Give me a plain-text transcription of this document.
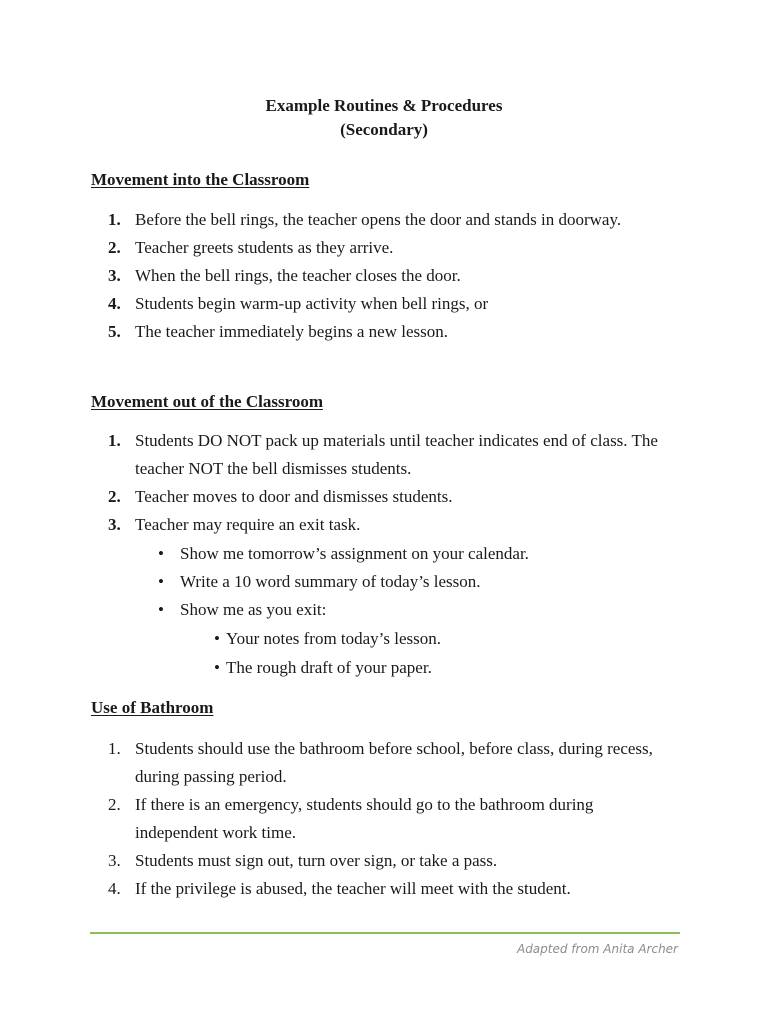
Example Routines & Procedures
(Secondary)
Movement into the Classroom
1. Before the bell rings, the teacher opens the door and stands in doorway.
2. Teacher greets students as they arrive.
3. When the bell rings, the teacher closes the door.
4. Students begin warm-up activity when bell rings, or
5. The teacher immediately begins a new lesson.
Movement out of the Classroom
1. Students DO NOT pack up materials until teacher indicates end of class. The teacher NOT the bell dismisses students.
2. Teacher moves to door and dismisses students.
3. Teacher may require an exit task.
• Show me tomorrow’s assignment on your calendar.
• Write a 10 word summary of today’s lesson.
• Show me as you exit:
• Your notes from today’s lesson.
• The rough draft of your paper.
Use of Bathroom
1. Students should use the bathroom before school, before class, during recess, during passing period.
2. If there is an emergency, students should go to the bathroom during independent work time.
3. Students must sign out, turn over sign, or take a pass.
4. If the privilege is abused, the teacher will meet with the student.
Adapted from Anita Archer
